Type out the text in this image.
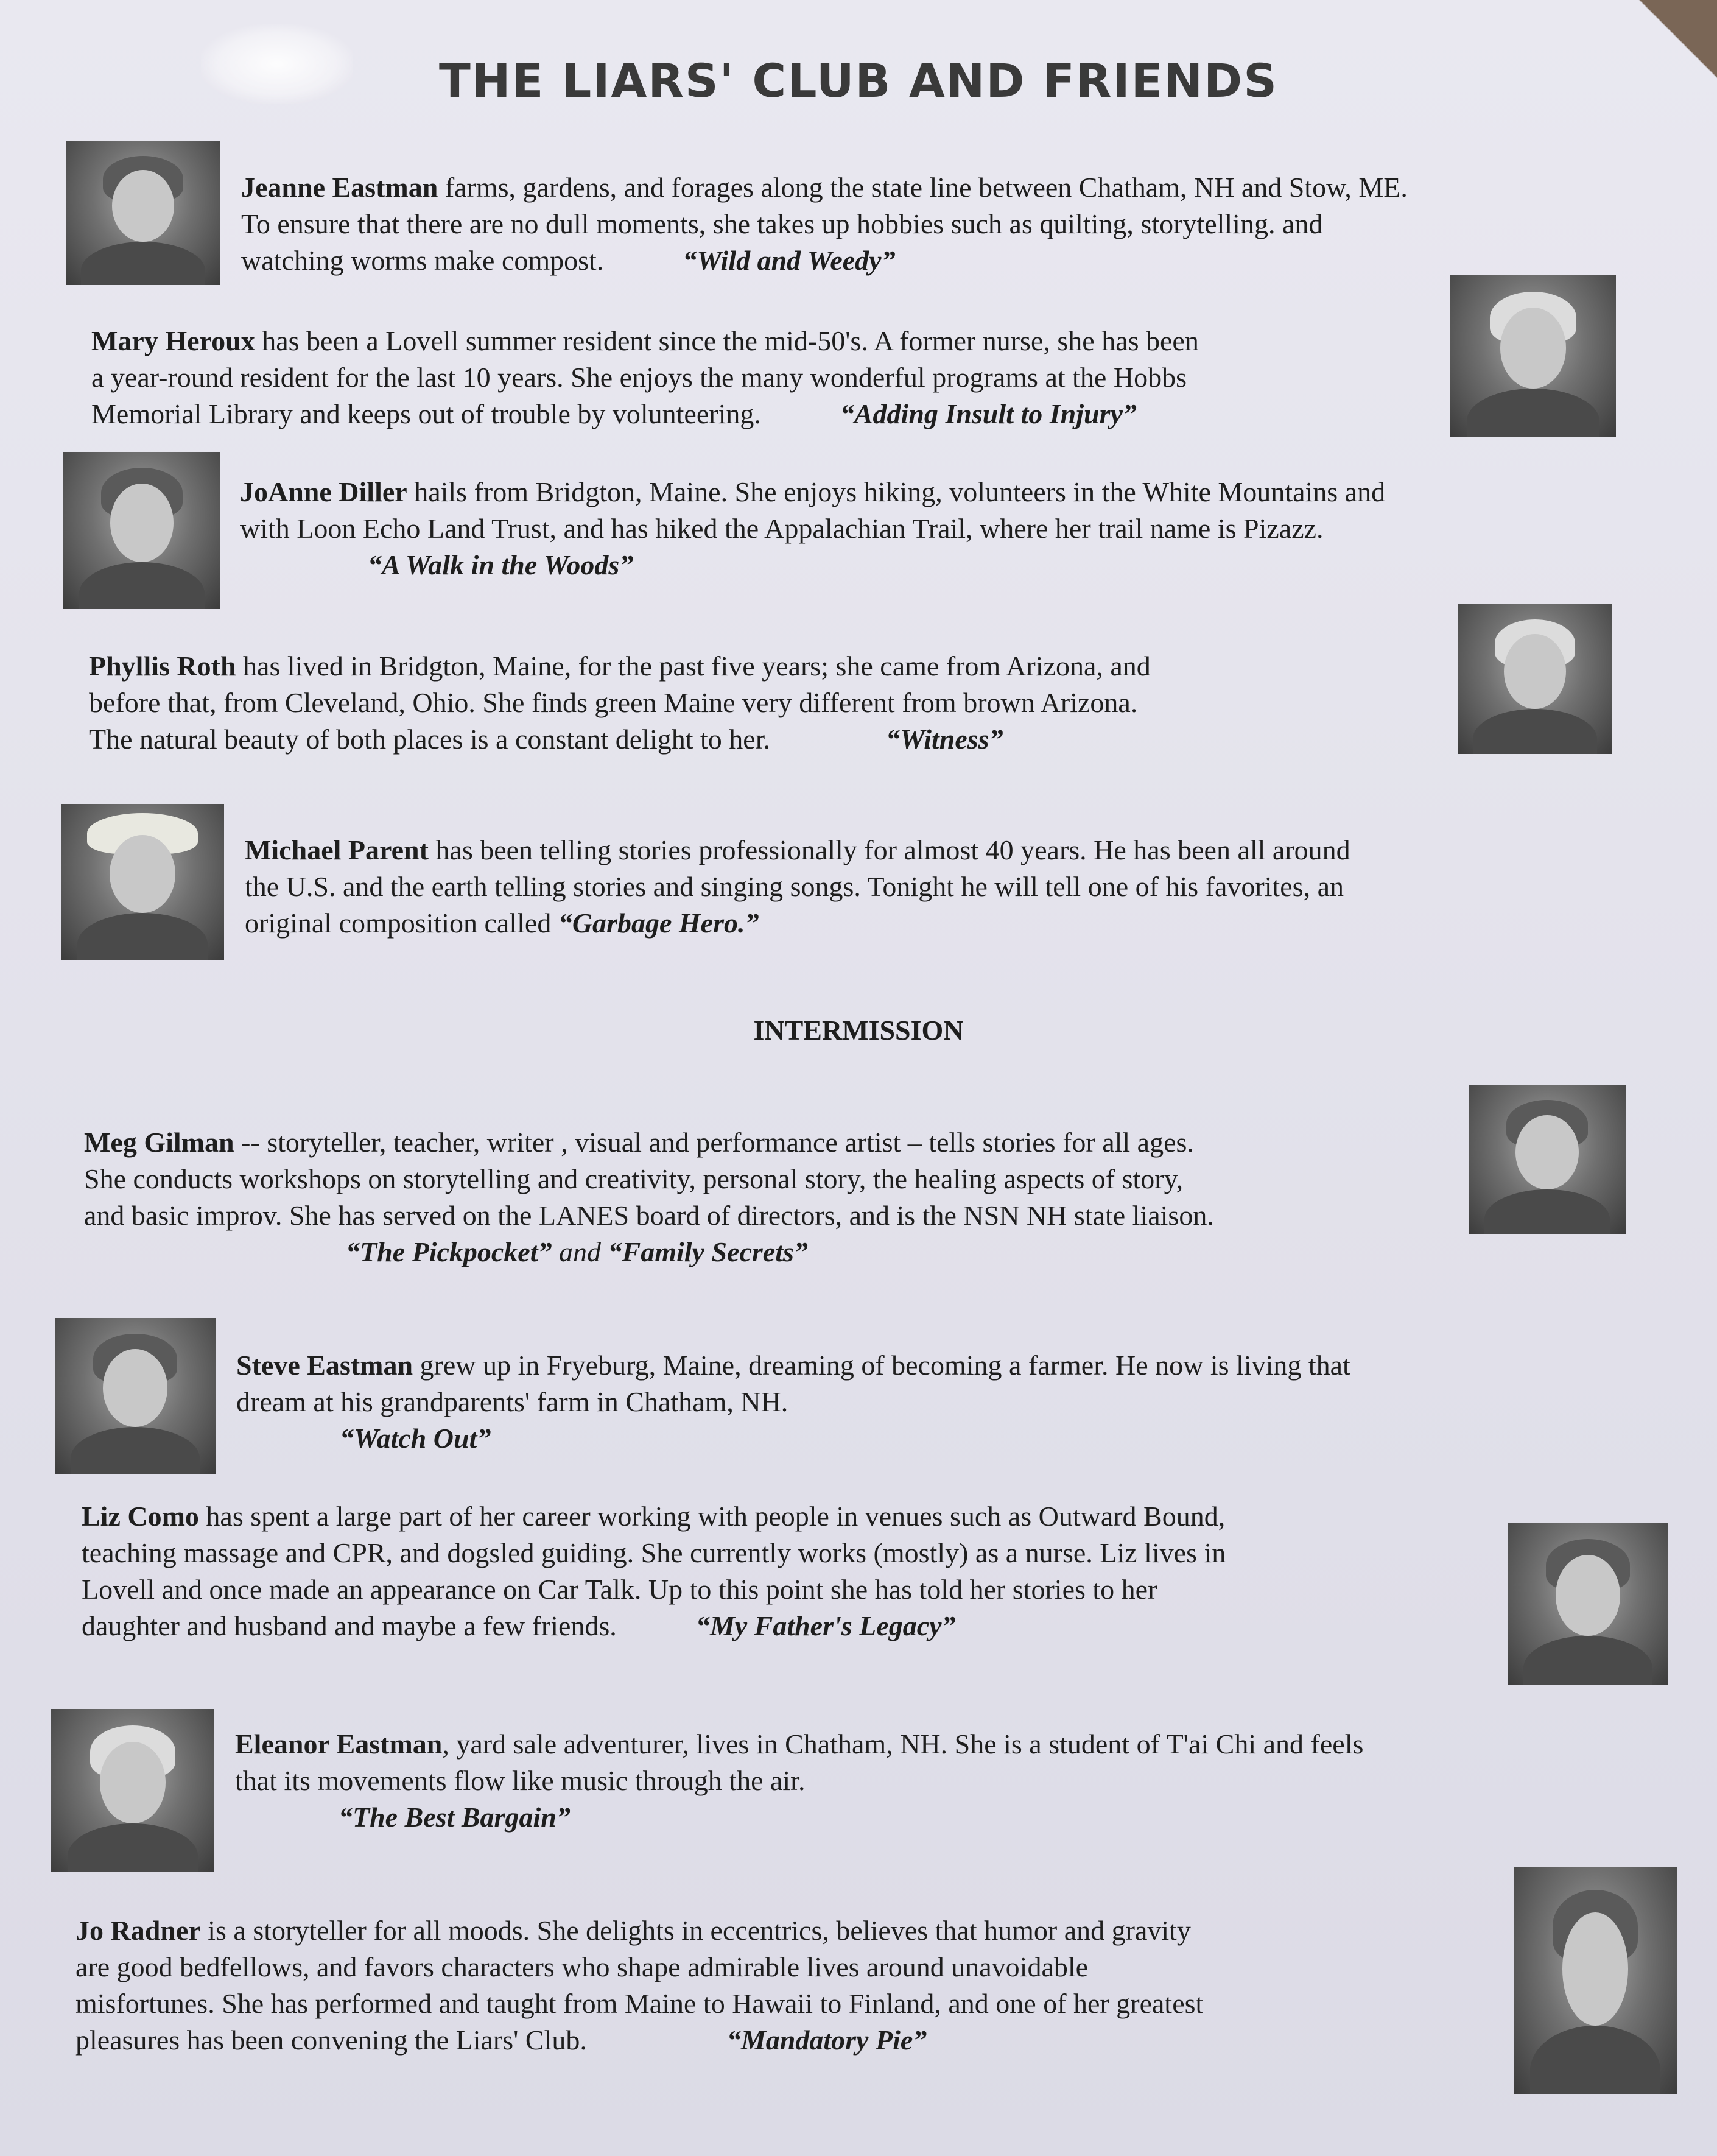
THE LIARS' CLUB AND FRIENDS
Jeanne Eastman farms, gardens, and forages along the state line between Chatham, NH and Stow, ME.
To ensure that there are no dull moments, she takes up hobbies such as quilting, storytelling. and
watching worms make compost.	“Wild and Weedy”
Mary Heroux has been a Lovell summer resident since the mid-50's. A former nurse, she has been
a year-round resident for the last 10 years. She enjoys the many wonderful programs at the Hobbs
Memorial Library and keeps out of trouble by volunteering.	“Adding Insult to Injury”
JoAnne Diller hails from Bridgton, Maine. She enjoys hiking, volunteers in the White Mountains and
with Loon Echo Land Trust, and has hiked the Appalachian Trail, where her trail name is Pizazz.
“A Walk in the Woods”
Phyllis Roth has lived in Bridgton, Maine, for the past five years; she came from Arizona, and
before that, from Cleveland, Ohio. She finds green Maine very different from brown Arizona.
The natural beauty of both places is a constant delight to her.	“Witness”
Michael Parent has been telling stories professionally for almost 40 years. He has been all around
the U.S. and the earth telling stories and singing songs. Tonight he will tell one of his favorites, an
original composition called “Garbage Hero.”
INTERMISSION
Meg Gilman -- storyteller, teacher, writer , visual and performance artist – tells stories for all ages.
She conducts workshops on storytelling and creativity, personal story, the healing aspects of story,
and basic improv. She has served on the LANES board of directors, and is the NSN NH state liaison.
“The Pickpocket” and “Family Secrets”
Steve Eastman grew up in Fryeburg, Maine, dreaming of becoming a farmer. He now is living that
dream at his grandparents' farm in Chatham, NH.
“Watch Out”
Liz Como has spent a large part of her career working with people in venues such as Outward Bound,
teaching massage and CPR, and dogsled guiding. She currently works (mostly) as a nurse. Liz lives in
Lovell and once made an appearance on Car Talk. Up to this point she has told her stories to her
daughter and husband and maybe a few friends.	“My Father's Legacy”
Eleanor Eastman, yard sale adventurer, lives in Chatham, NH. She is a student of T'ai Chi and feels
that its movements flow like music through the air.
“The Best Bargain”
Jo Radner is a storyteller for all moods. She delights in eccentrics, believes that humor and gravity
are good bedfellows, and favors characters who shape admirable lives around unavoidable
misfortunes. She has performed and taught from Maine to Hawaii to Finland, and one of her greatest
pleasures has been convening the Liars' Club.	“Mandatory Pie”
